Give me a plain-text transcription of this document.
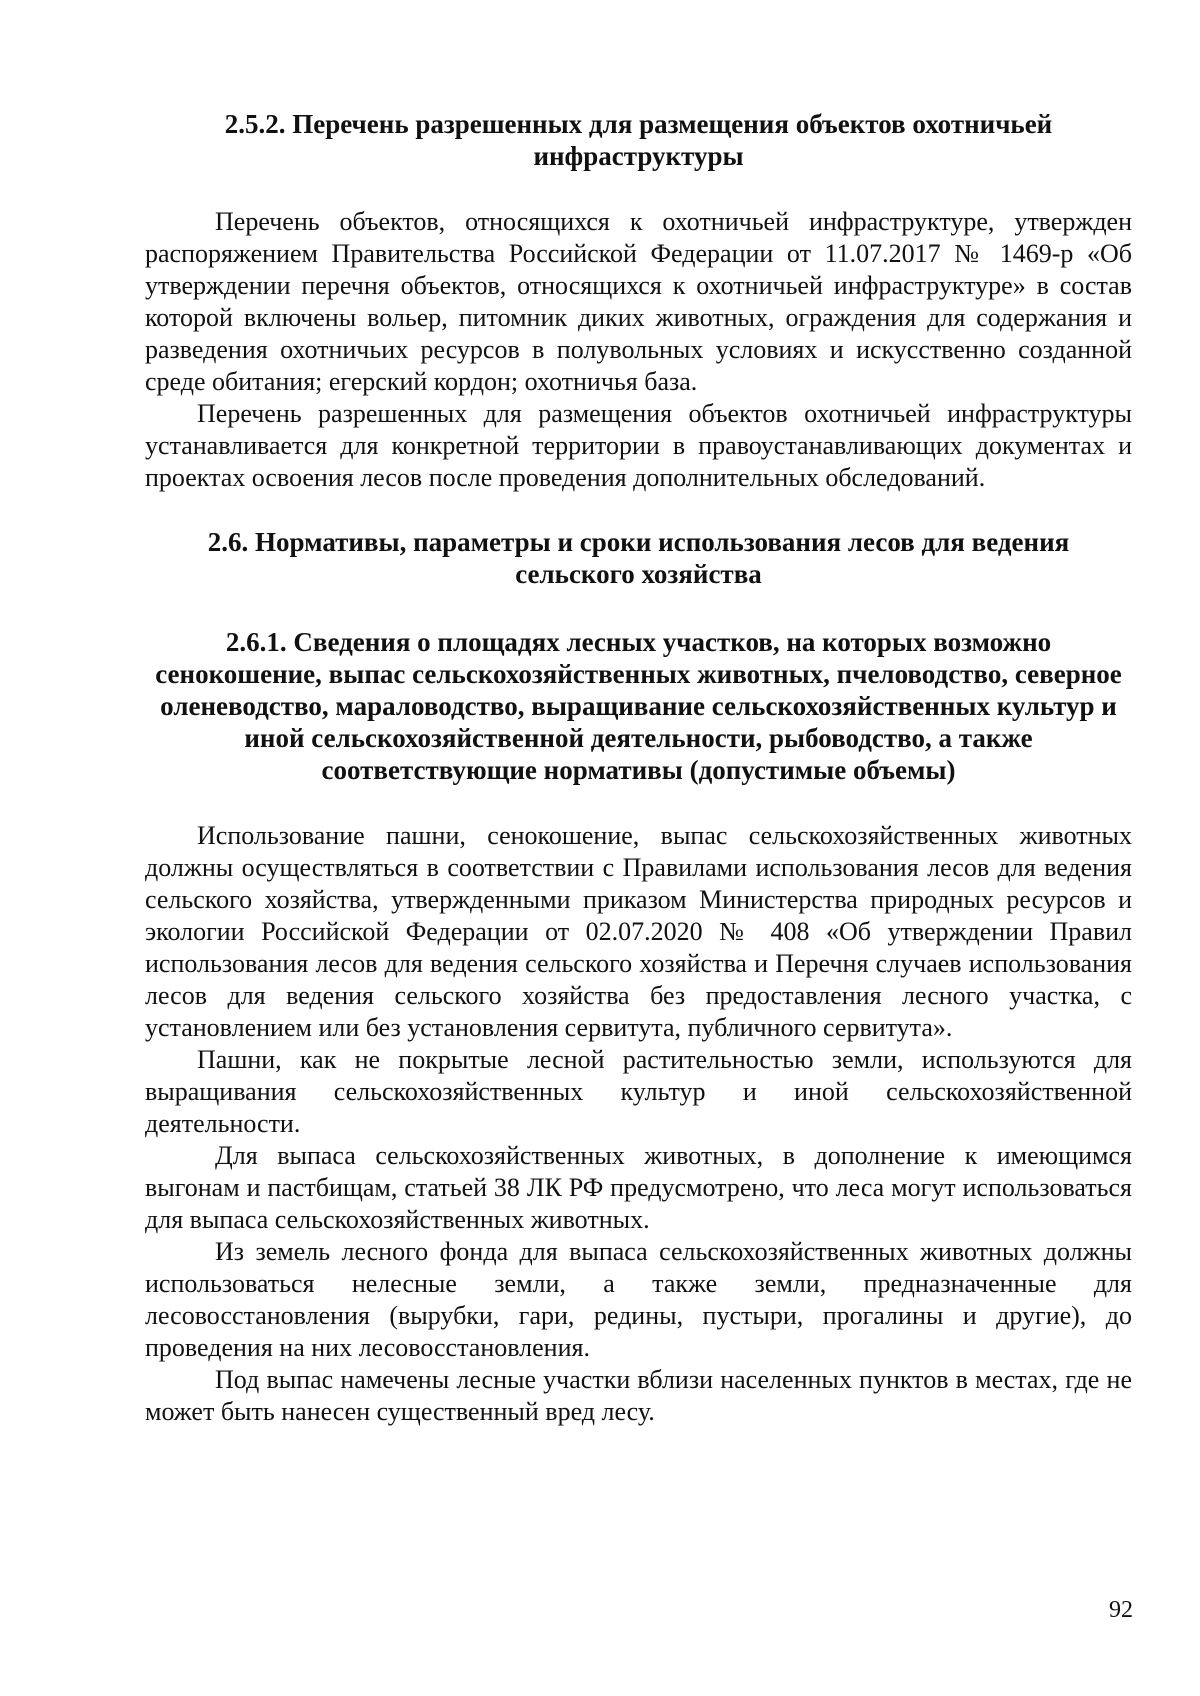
2.5.2. Перечень разрешенных для размещения объектов охотничьей инфраструктуры

Перечень объектов, относящихся к охотничьей инфраструктуре, утвержден распоряжением Правительства Российской Федерации от 11.07.2017 № 1469-р «Об утверждении перечня объектов, относящихся к охотничьей инфраструктуре» в состав которой включены вольер, питомник диких животных, ограждения для содержания и разведения охотничьих ресурсов в полувольных условиях и искусственно созданной среде обитания; егерский кордон; охотничья база.

Перечень разрешенных для размещения объектов охотничьей инфраструктуры устанавливается для конкретной территории в правоустанавливающих документах и проектах освоения лесов после проведения дополнительных обследований.

2.6. Нормативы, параметры и сроки использования лесов для ведения сельского хозяйства
2.6.1. Сведения о площадях лесных участков, на которых возможно сенокошение, выпас сельскохозяйственных животных, пчеловодство, северное оленеводство, мараловодство, выращивание сельскохозяйственных культур и иной сельскохозяйственной деятельности, рыбоводство, а также соответствующие нормативы (допустимые объемы)

Использование пашни, сенокошение, выпас сельскохозяйственных животных должны осуществляться в соответствии с Правилами использования лесов для ведения сельского хозяйства, утвержденными приказом Министерства природных ресурсов и экологии Российской Федерации от 02.07.2020 № 408 «Об утверждении Правил использования лесов для ведения сельского хозяйства и Перечня случаев использования лесов для ведения сельского хозяйства без предоставления лесного участка, с установлением или без установления сервитута, публичного сервитута».

Пашни, как не покрытые лесной растительностью земли, используются для выращивания сельскохозяйственных культур и иной сельскохозяйственной деятельности.

Для выпаса сельскохозяйственных животных, в дополнение к имеющимся выгонам и пастбищам, статьей 38 ЛК РФ предусмотрено, что леса могут использоваться для выпаса сельскохозяйственных животных.

Из земель лесного фонда для выпаса сельскохозяйственных животных должны использоваться нелесные земли, а также земли, предназначенные для лесовосстановления (вырубки, гари, редины, пустыри, прогалины и другие), до проведения на них лесовосстановления.

Под выпас намечены лесные участки вблизи населенных пунктов в местах, где не может быть нанесен существенный вред лесу.

92
